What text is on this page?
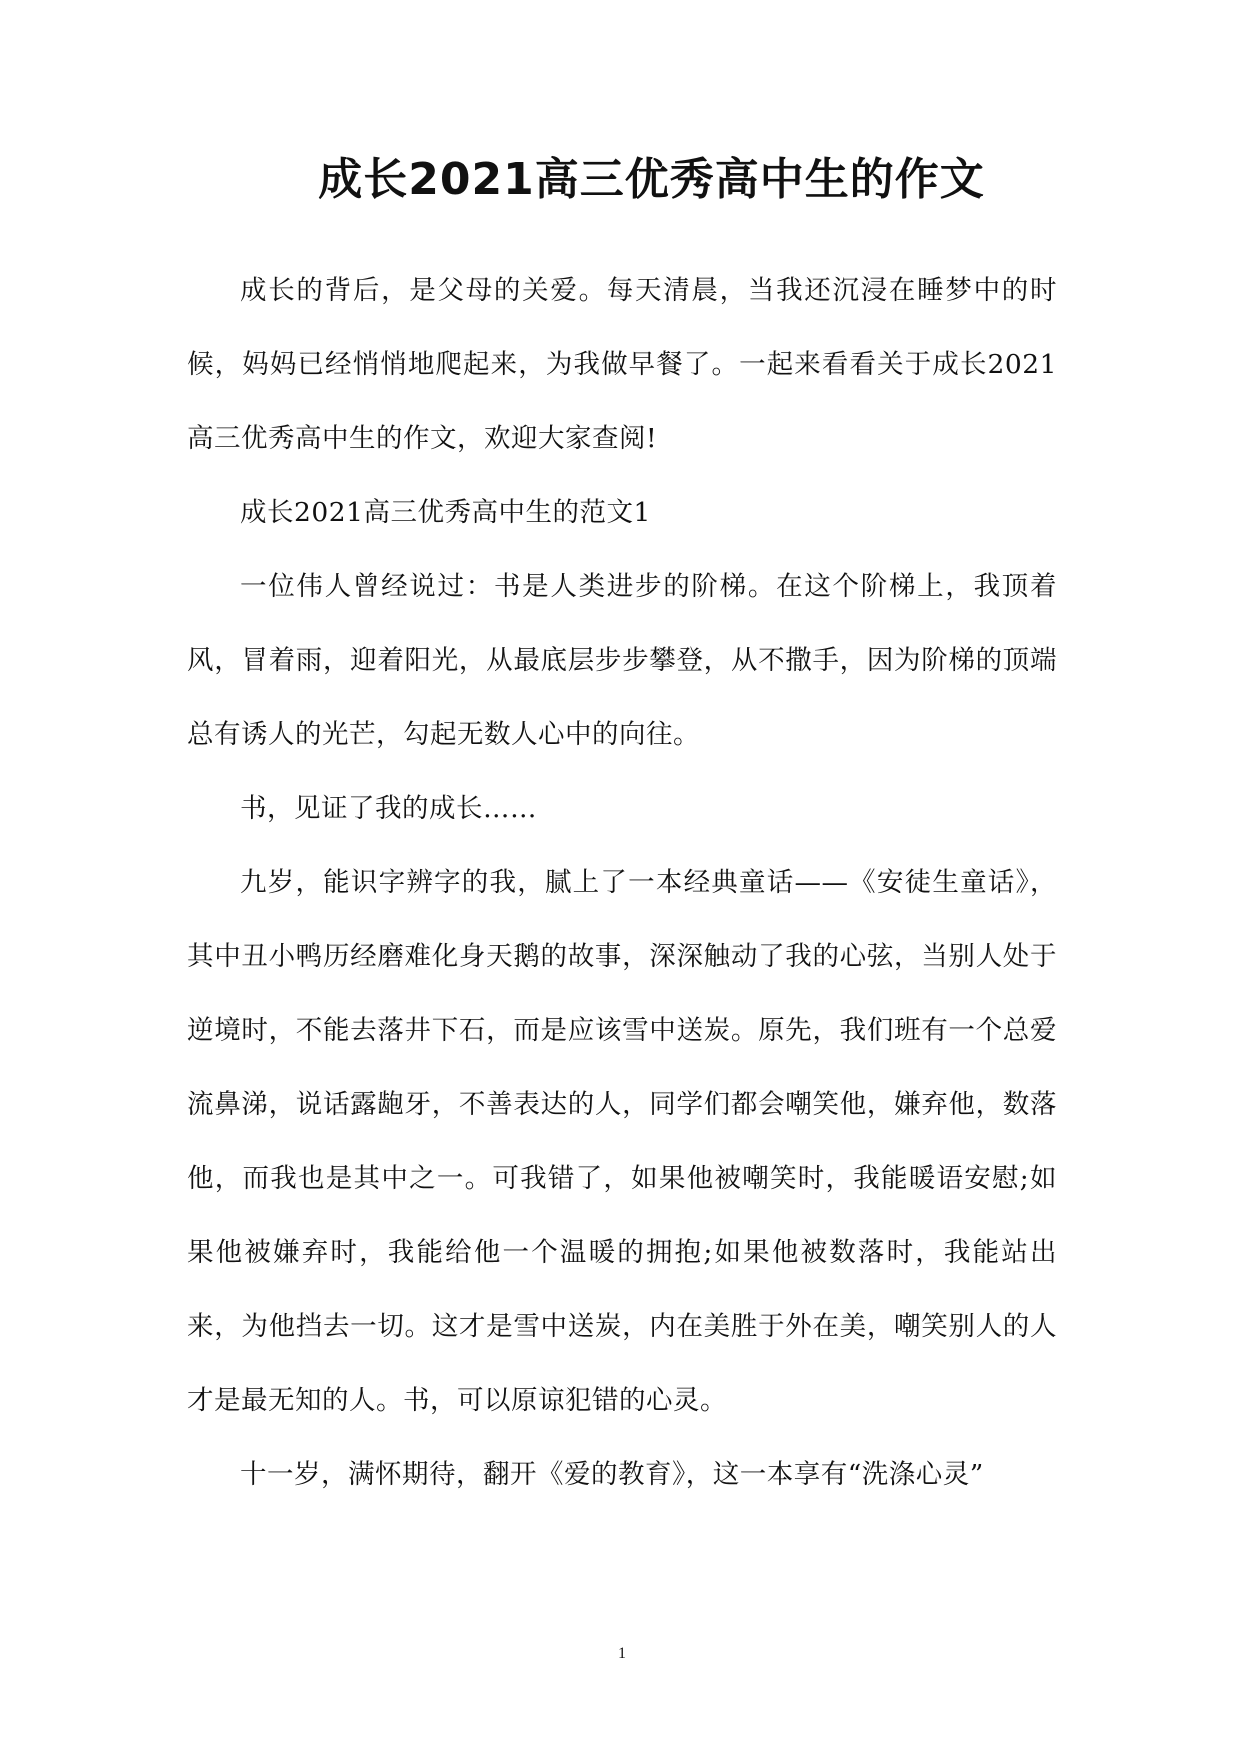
成长2021高三优秀高中生的作文

成长的背后，是父母的关爱。每天清晨，当我还沉浸在睡梦中的时候，妈妈已经悄悄地爬起来，为我做早餐了。一起来看看关于成长2021高三优秀高中生的作文，欢迎大家查阅!

成长2021高三优秀高中生的范文1

一位伟人曾经说过：书是人类进步的阶梯。在这个阶梯上，我顶着风，冒着雨，迎着阳光，从最底层步步攀登，从不撒手，因为阶梯的顶端总有诱人的光芒，勾起无数人心中的向往。

书，见证了我的成长……

九岁，能识字辨字的我，腻上了一本经典童话——《安徒生童话》，其中丑小鸭历经磨难化身天鹅的故事，深深触动了我的心弦，当别人处于逆境时，不能去落井下石，而是应该雪中送炭。原先，我们班有一个总爱流鼻涕，说话露龅牙，不善表达的人，同学们都会嘲笑他，嫌弃他，数落他，而我也是其中之一。可我错了，如果他被嘲笑时，我能暖语安慰;如果他被嫌弃时，我能给他一个温暖的拥抱;如果他被数落时，我能站出来，为他挡去一切。这才是雪中送炭，内在美胜于外在美，嘲笑别人的人才是最无知的人。书，可以原谅犯错的心灵。

十一岁，满怀期待，翻开《爱的教育》，这一本享有“洗涤心灵”

1
